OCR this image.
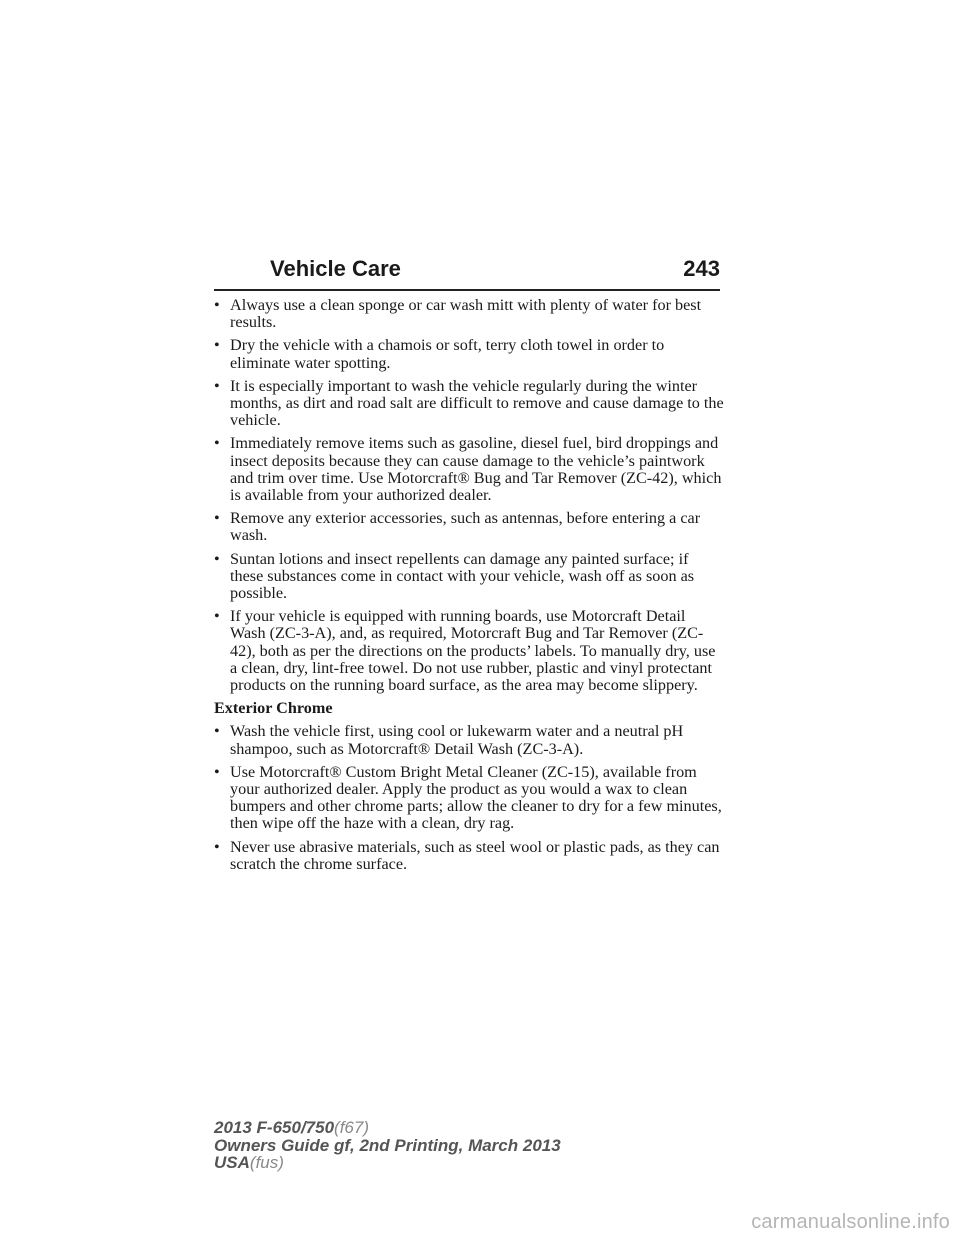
Vehicle Care	243
• Always use a clean sponge or car wash mitt with plenty of water for best results.
• Dry the vehicle with a chamois or soft, terry cloth towel in order to eliminate water spotting.
• It is especially important to wash the vehicle regularly during the winter months, as dirt and road salt are difficult to remove and cause damage to the vehicle.
• Immediately remove items such as gasoline, diesel fuel, bird droppings and insect deposits because they can cause damage to the vehicle’s paintwork and trim over time. Use Motorcraft® Bug and Tar Remover (ZC-42), which is available from your authorized dealer.
• Remove any exterior accessories, such as antennas, before entering a car wash.
• Suntan lotions and insect repellents can damage any painted surface; if these substances come in contact with your vehicle, wash off as soon as possible.
• If your vehicle is equipped with running boards, use Motorcraft Detail Wash (ZC-3-A), and, as required, Motorcraft Bug and Tar Remover (ZC-42), both as per the directions on the products’ labels. To manually dry, use a clean, dry, lint-free towel. Do not use rubber, plastic and vinyl protectant products on the running board surface, as the area may become slippery.
Exterior Chrome
• Wash the vehicle first, using cool or lukewarm water and a neutral pH shampoo, such as Motorcraft® Detail Wash (ZC-3-A).
• Use Motorcraft® Custom Bright Metal Cleaner (ZC-15), available from your authorized dealer. Apply the product as you would a wax to clean bumpers and other chrome parts; allow the cleaner to dry for a few minutes, then wipe off the haze with a clean, dry rag.
• Never use abrasive materials, such as steel wool or plastic pads, as they can scratch the chrome surface.
2013 F-650/750(f67)
Owners Guide gf, 2nd Printing, March 2013
USA(fus)
carmanualsonline.info
